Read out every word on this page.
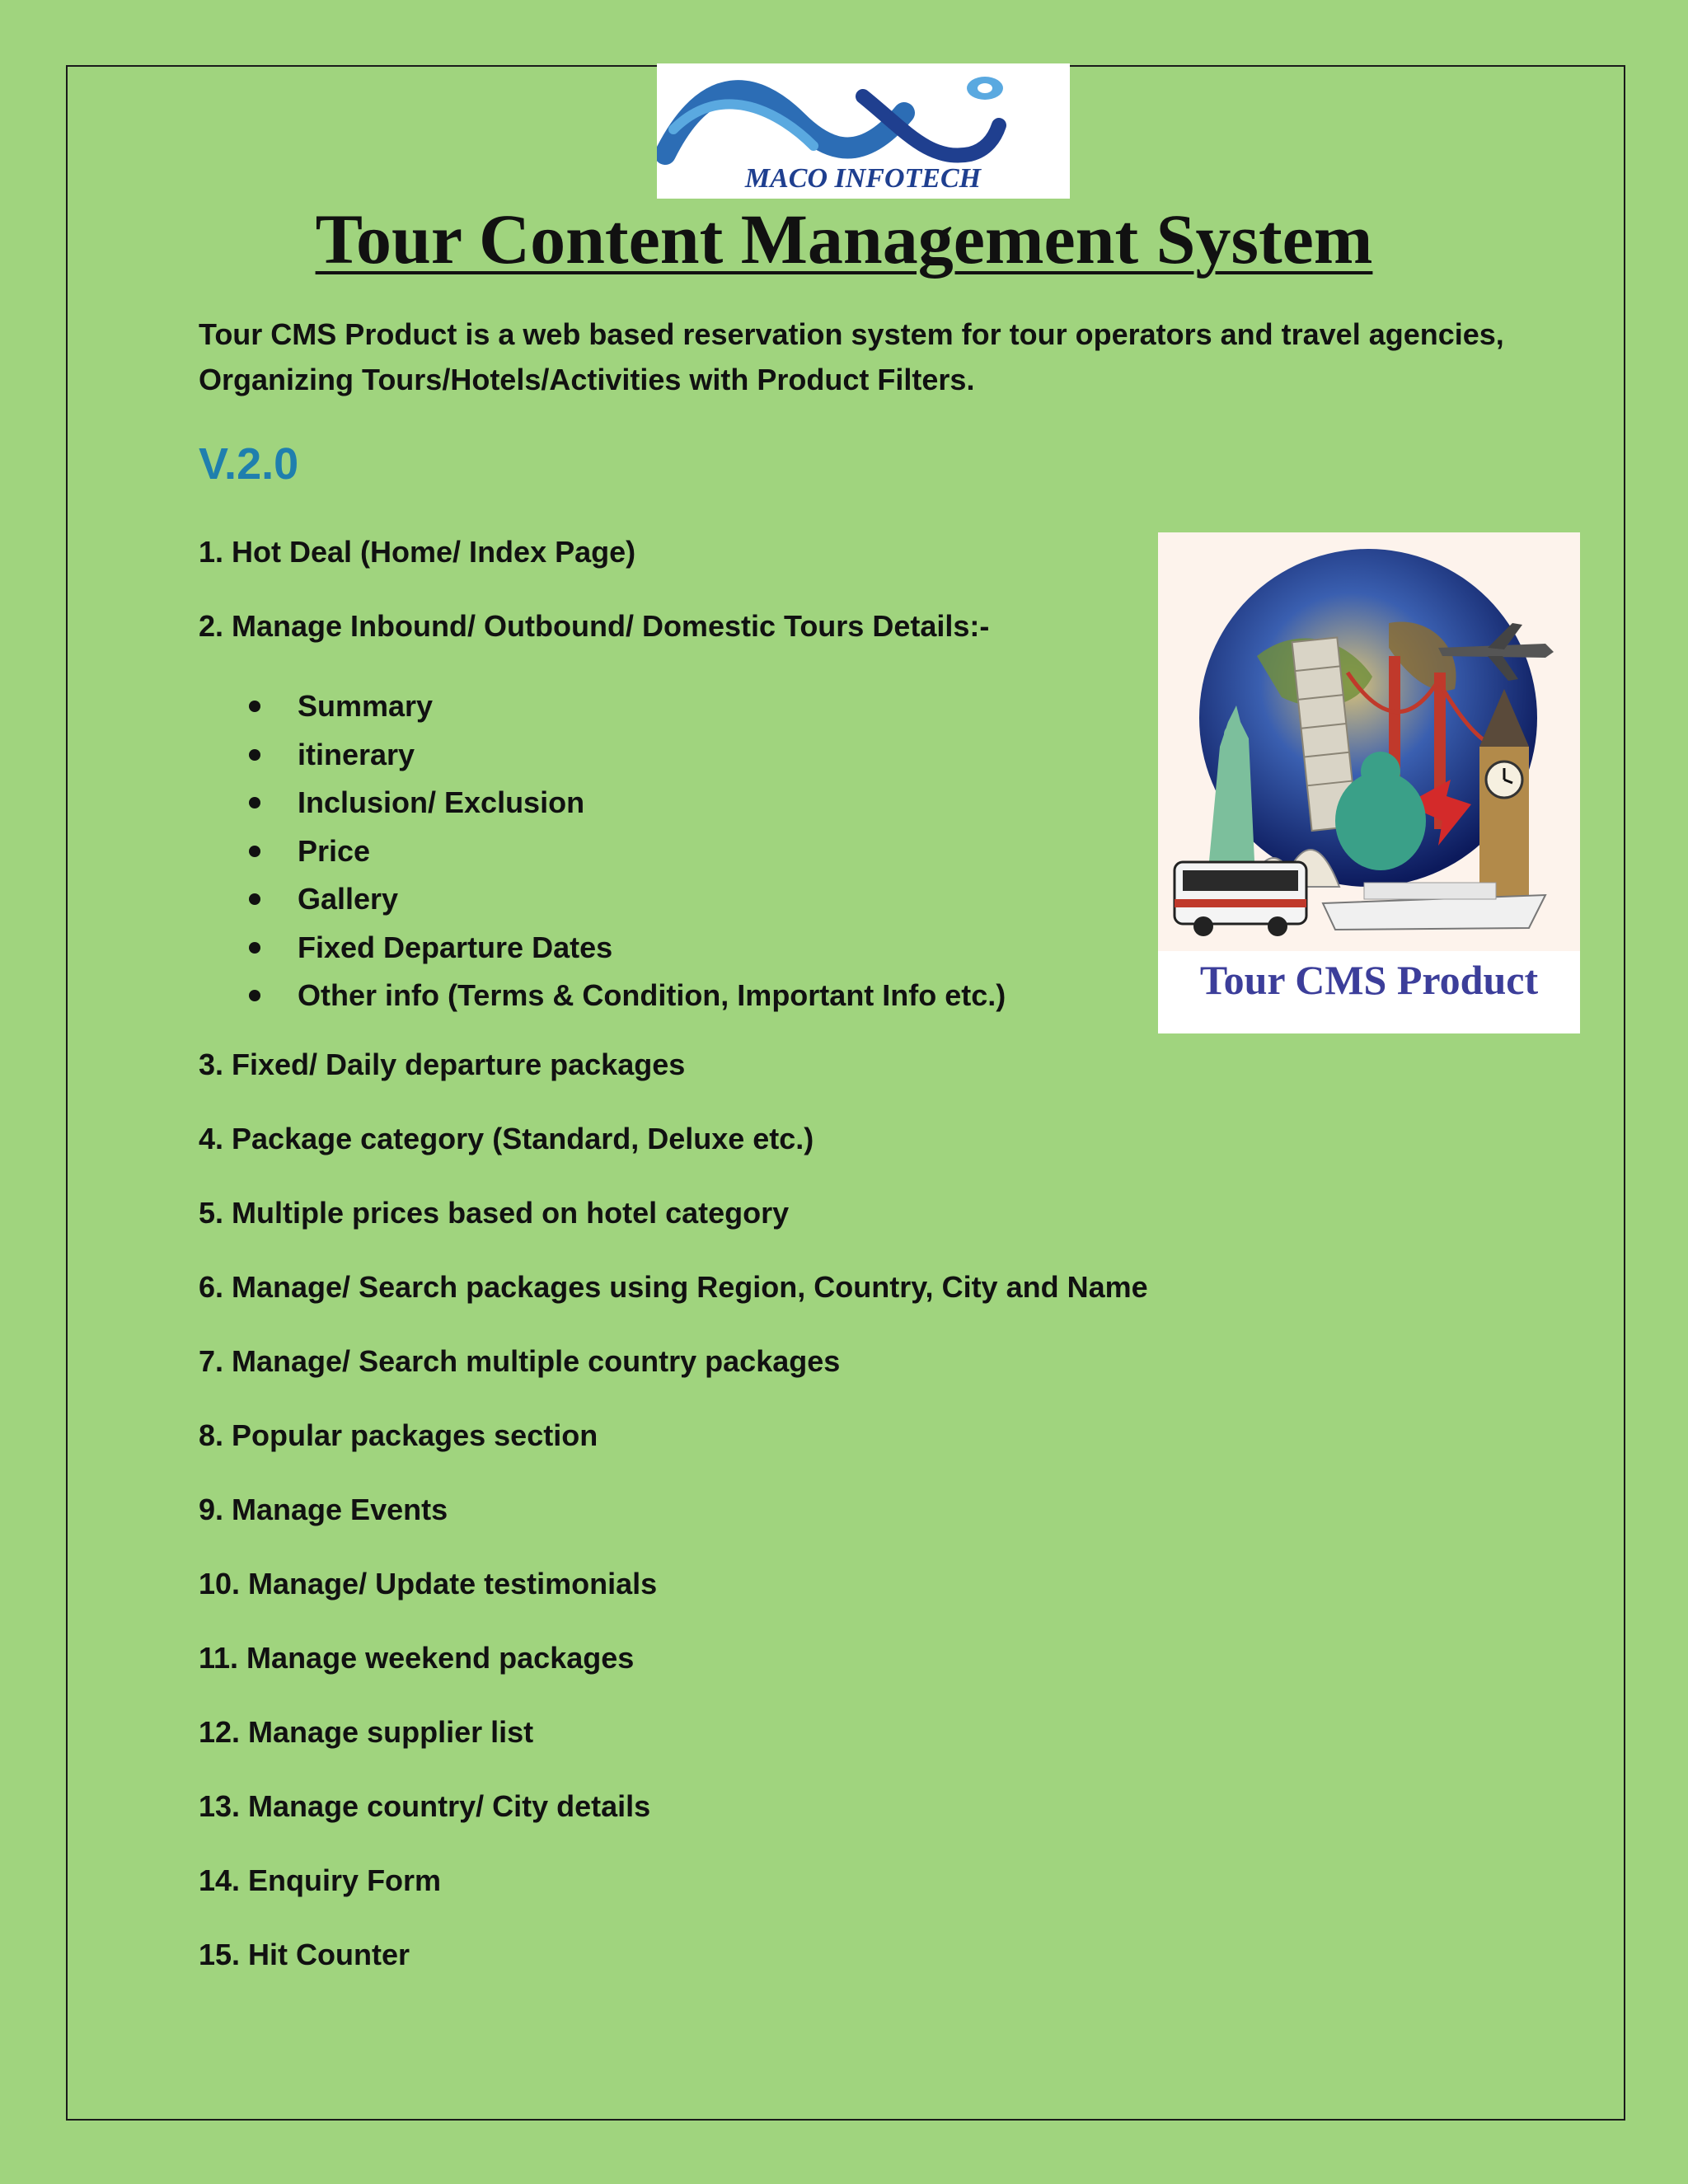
MACO INFOTECH
Tour Content Management System
Tour CMS Product is a web based reservation system for tour operators and travel agencies, Organizing Tours/Hotels/Activities with Product Filters.
V.2.0
1. Hot Deal (Home/ Index Page)
2. Manage Inbound/ Outbound/ Domestic Tours Details:-
Summary
itinerary
Inclusion/ Exclusion
Price
Gallery
Fixed Departure Dates
Other info (Terms & Condition, Important Info etc.)
3. Fixed/ Daily departure packages
4. Package category (Standard, Deluxe etc.)
5. Multiple prices based on hotel category
6. Manage/ Search packages using Region, Country, City and Name
7. Manage/ Search multiple country packages
8. Popular packages section
9. Manage Events
10. Manage/ Update testimonials
11. Manage weekend packages
12. Manage supplier list
13. Manage country/ City details
14. Enquiry Form
15. Hit Counter
Tour CMS Product
